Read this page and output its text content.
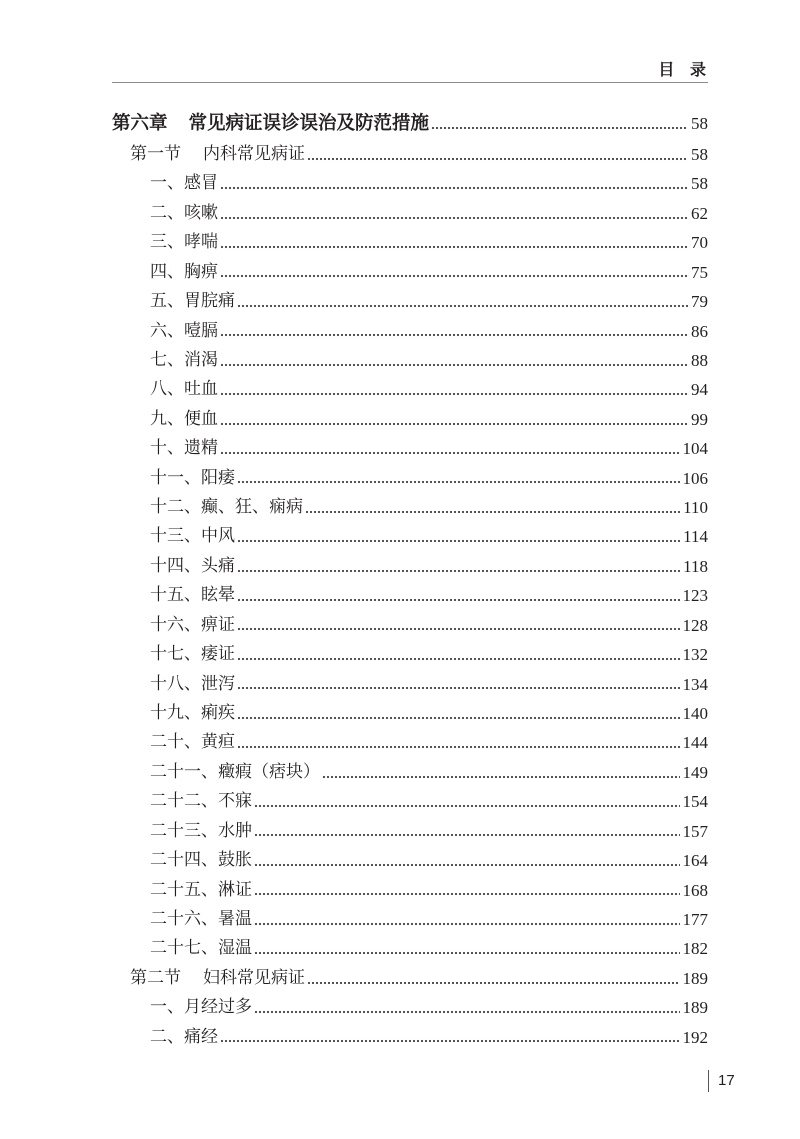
目 录
第六章 常见病证误诊误治及防范措施	58
第一节 内科常见病证	58
一、感冒	58
二、咳嗽	62
三、哮喘	70
四、胸痹	75
五、胃脘痛	79
六、噎膈	86
七、消渴	88
八、吐血	94
九、便血	99
十、遗精	104
十一、阳痿	106
十二、癫、狂、痫病	110
十三、中风	114
十四、头痛	118
十五、眩晕	123
十六、痹证	128
十七、痿证	132
十八、泄泻	134
十九、痢疾	140
二十、黄疸	144
二十一、癥瘕（痞块）	149
二十二、不寐	154
二十三、水肿	157
二十四、鼓胀	164
二十五、淋证	168
二十六、暑温	177
二十七、湿温	182
第二节 妇科常见病证	189
一、月经过多	189
二、痛经	192
17
